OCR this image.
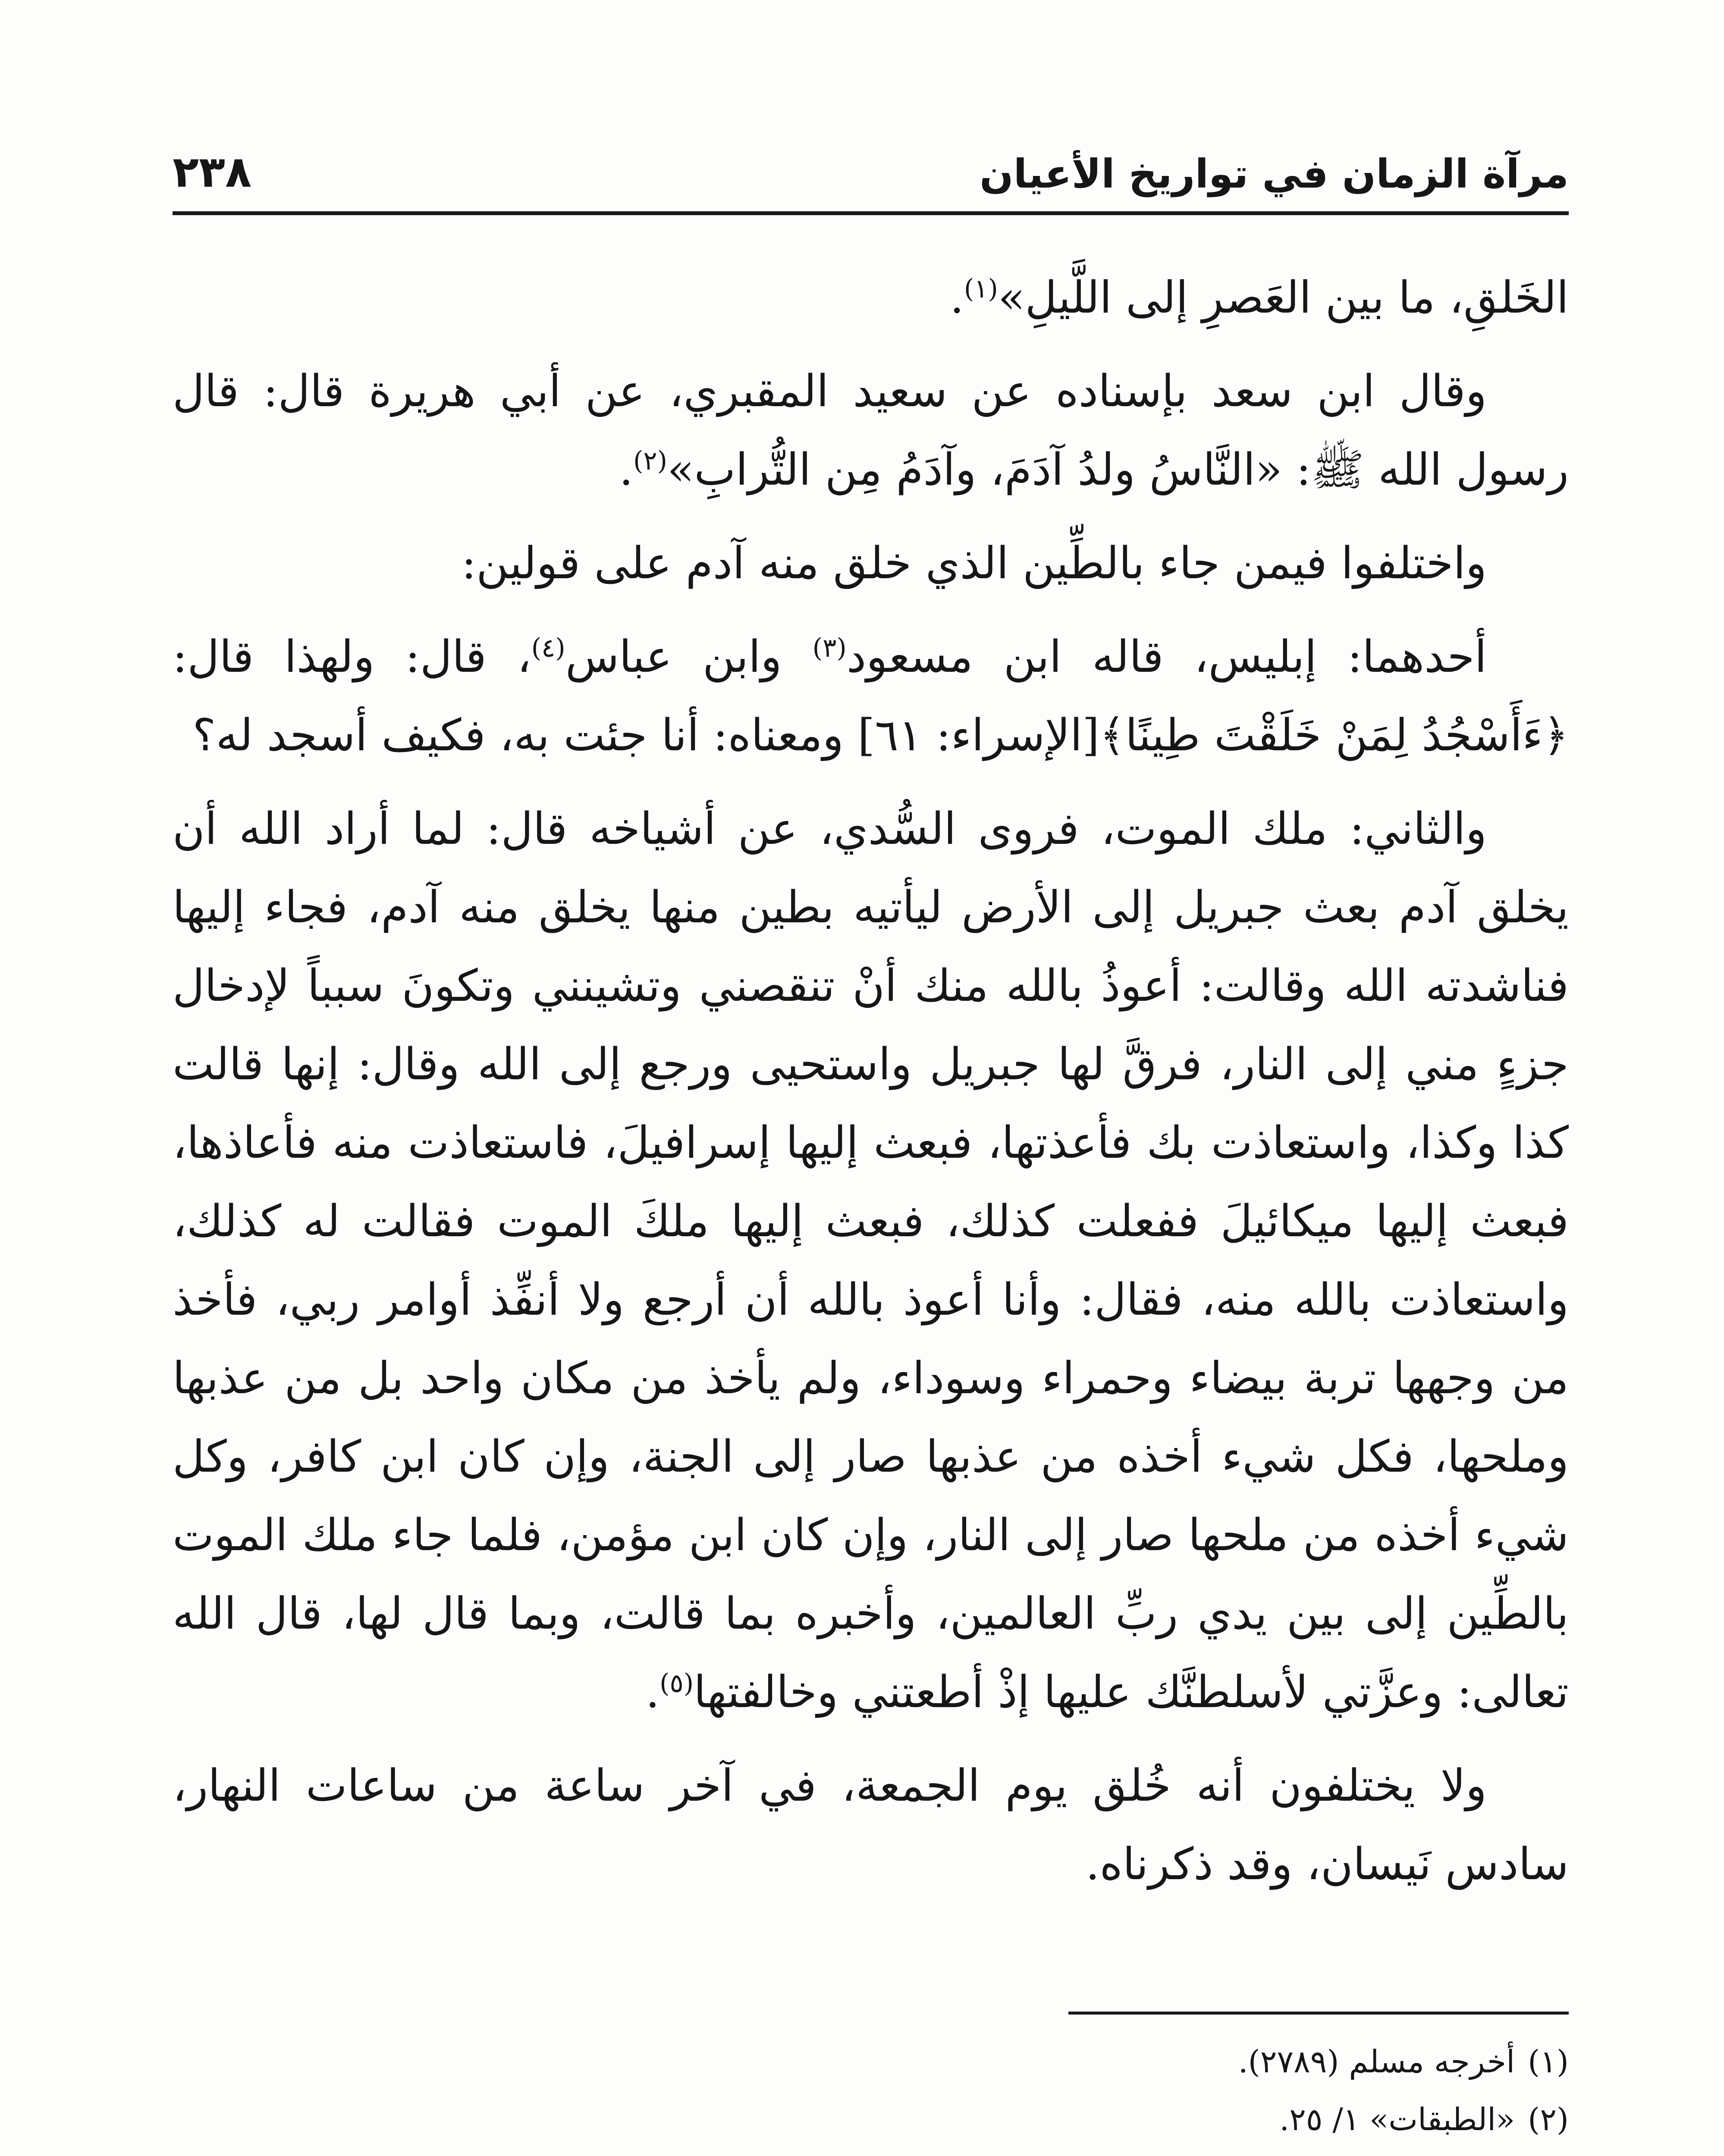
مرآة الزمان في تواريخ الأعيان
٢٣٨

الخَلقِ، ما بين العَصرِ إلى اللَّيلِ»$^{(١)}$.

وقال ابن سعد بإسناده عن سعيد المقبري، عن أبي هريرة قال: قال رسول الله ﷺ: «النَّاسُ ولدُ آدَمَ، وآدَمُ مِن التُّرابِ»$^{(٢)}$.

واختلفوا فيمن جاء بالطِّين الذي خلق منه آدم على قولين:

أحدهما: إبليس، قاله ابن مسعود$^{(٣)}$ وابن عباس$^{(٤)}$، قال: ولهذا قال: ﴿ءَأَسْجُدُ لِمَنْ خَلَقْتَ طِينًا﴾[الإسراء: ٦١] ومعناه: أنا جئت به، فكيف أسجد له؟

والثاني: ملك الموت، فروى السُّدي، عن أشياخه قال: لما أراد الله أن يخلق آدم بعث جبريل إلى الأرض ليأتيه بطين منها يخلق منه آدم، فجاء إليها فناشدته الله وقالت: أعوذُ بالله منك أنْ تنقصني وتشينني وتكونَ سبباً لإدخال جزءٍ مني إلى النار، فرقَّ لها جبريل واستحيى ورجع إلى الله وقال: إنها قالت كذا وكذا، واستعاذت بك فأعذتها، فبعث إليها إسرافيلَ، فاستعاذت منه فأعاذها، فبعث إليها ميكائيلَ ففعلت كذلك، فبعث إليها ملكَ الموت فقالت له كذلك، واستعاذت بالله منه، فقال: وأنا أعوذ بالله أن أرجع ولا أنفِّذ أوامر ربي، فأخذ من وجهها تربة بيضاء وحمراء وسوداء، ولم يأخذ من مكان واحد بل من عذبها وملحها، فكل شيء أخذه من عذبها صار إلى الجنة، وإن كان ابن كافر، وكل شيء أخذه من ملحها صار إلى النار، وإن كان ابن مؤمن، فلما جاء ملك الموت بالطِّين إلى بين يدي ربِّ العالمين، وأخبره بما قالت، وبما قال لها، قال الله تعالى: وعزَّتي لأسلطنَّك عليها إذْ أطعتني وخالفتها$^{(٥)}$.

ولا يختلفون أنه خُلق يوم الجمعة، في آخر ساعة من ساعات النهار، سادس نَيسان، وقد ذكرناه.

(١)أخرجه مسلم (٢٧٨٩).
(٢)«الطبقات» ١/ ٢٥.
